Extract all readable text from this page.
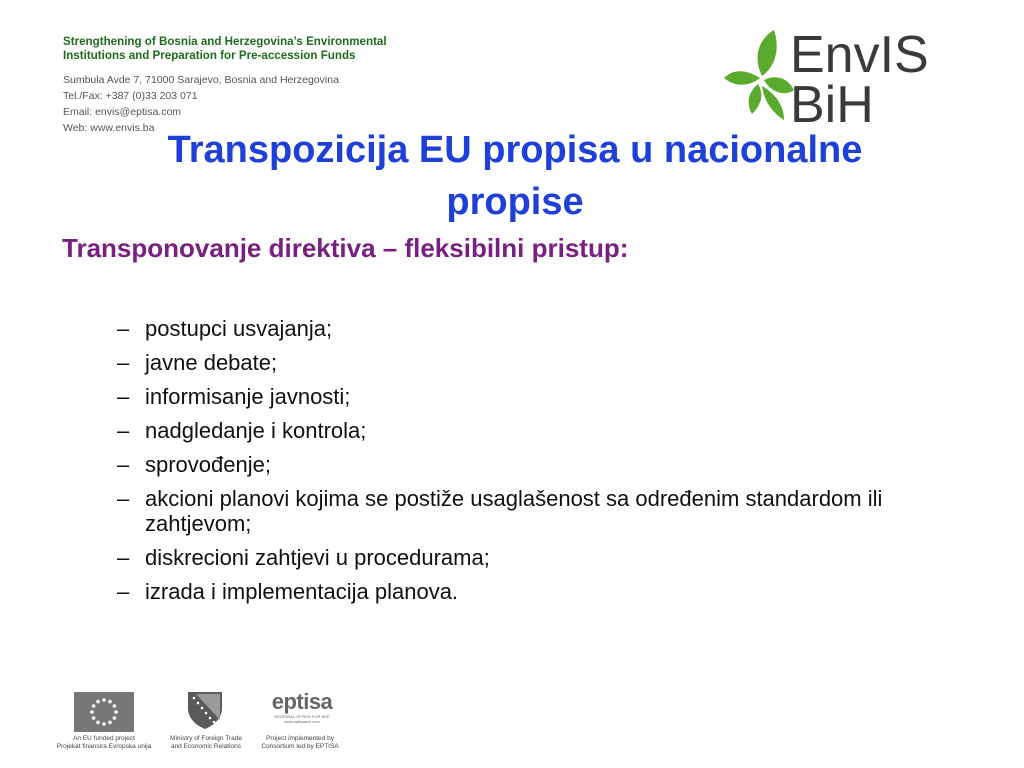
Strengthening of Bosnia and Herzegovina’s Environmental
Institutions and Preparation for Pre-accession Funds
Sumbula Avde 7, 71000 Sarajevo, Bosnia and Herzegovina
Tel./Fax: +387 (0)33 203 071
Email: envis@eptisa.com
Web: www.envis.ba
EnvIS
BiH
Transpozicija EU propisa u nacionalne
propise
Transponovanje direktiva – fleksibilni pristup:
– postupci usvajanja;
– javne debate;
– informisanje javnosti;
– nadgledanje i kontrola;
– sprovođenje;
– akcioni planovi kojima se postiže usaglašenost sa određenim standardom ili zahtjevom;
– diskrecioni zahtjevi u procedurama;
– izrada i implementacija planova.
An EU funded project
Projekat finansira Evropska unija
Ministry of Foreign Trade
and Economic Relations
eptisa
REGIONAL OFFICE FOR SEE
www.eptisasee.com
Project implemented by
Consortium led by EPTISA
